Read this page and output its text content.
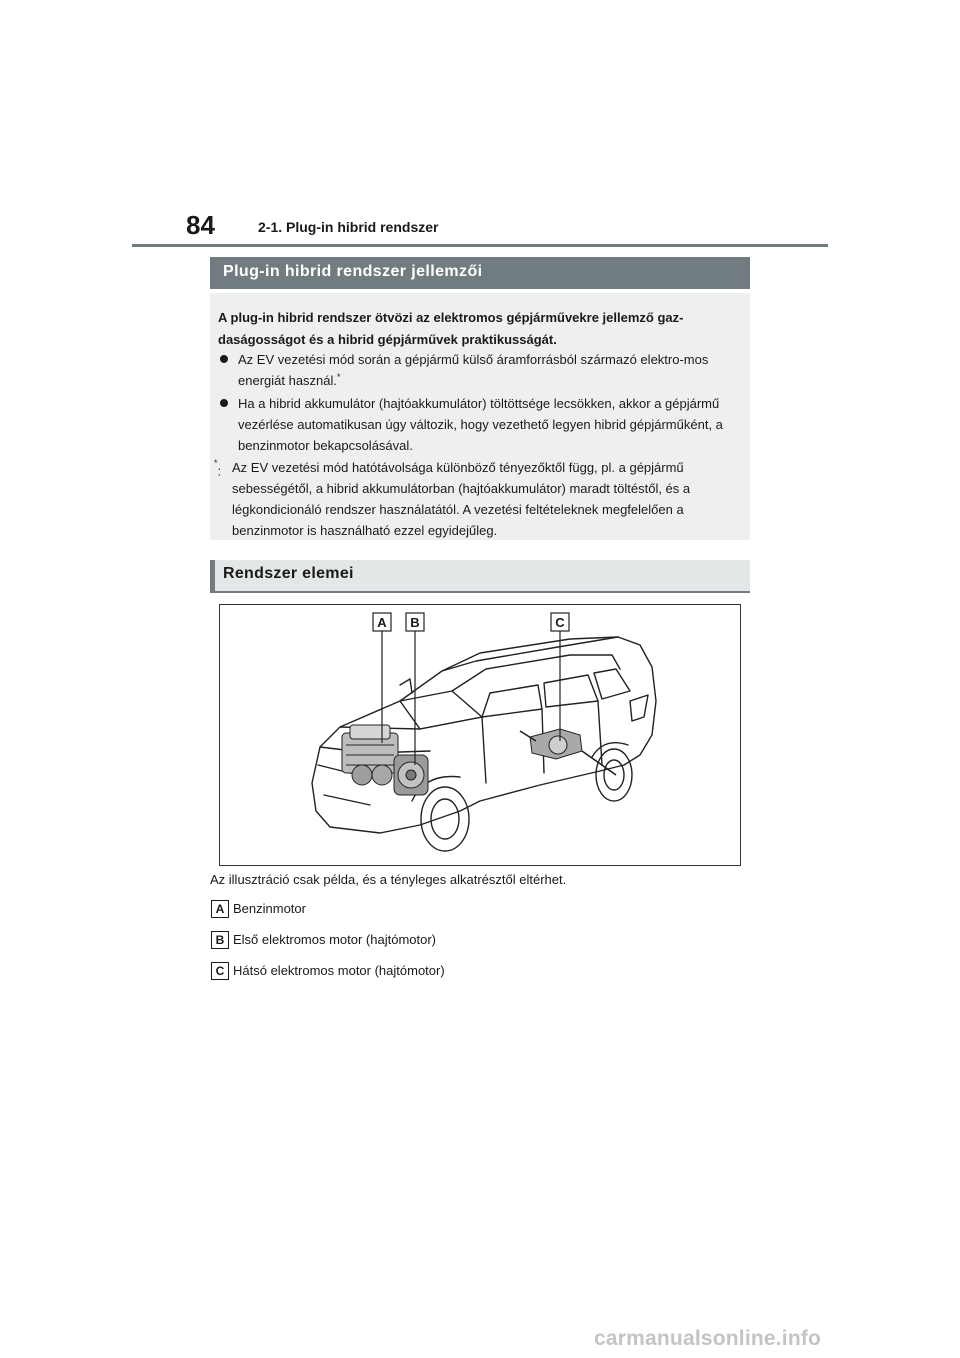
84	2-1. Plug-in hibrid rendszer
Plug-in hibrid rendszer jellemzői
A plug-in hibrid rendszer ötvözi az elektromos gépjárművekre jellemző gaz-daságosságot és a hibrid gépjárművek praktikusságát.
Az EV vezetési mód során a gépjármű külső áramforrásból származó elektro-mos energiát használ.*
Ha a hibrid akkumulátor (hajtóakkumulátor) töltöttsége lecsökken, akkor a gépjármű vezérlése automatikusan úgy változik, hogy vezethető legyen hibrid gépjárműként, a benzinmotor bekapcsolásával.
*: Az EV vezetési mód hatótávolsága különböző tényezőktől függ, pl. a gépjármű sebességétől, a hibrid akkumulátorban (hajtóakkumulátor) maradt töltéstől, és a légkondicionáló rendszer használatától. A vezetési feltételeknek megfelelően a benzinmotor is használható ezzel egyidejűleg.
Rendszer elemei
A B	C
Az illusztráció csak példa, és a tényleges alkatrésztől eltérhet.
A Benzinmotor
B Első elektromos motor (hajtómotor)
C Hátsó elektromos motor (hajtómotor)
carmanualsonline.info
